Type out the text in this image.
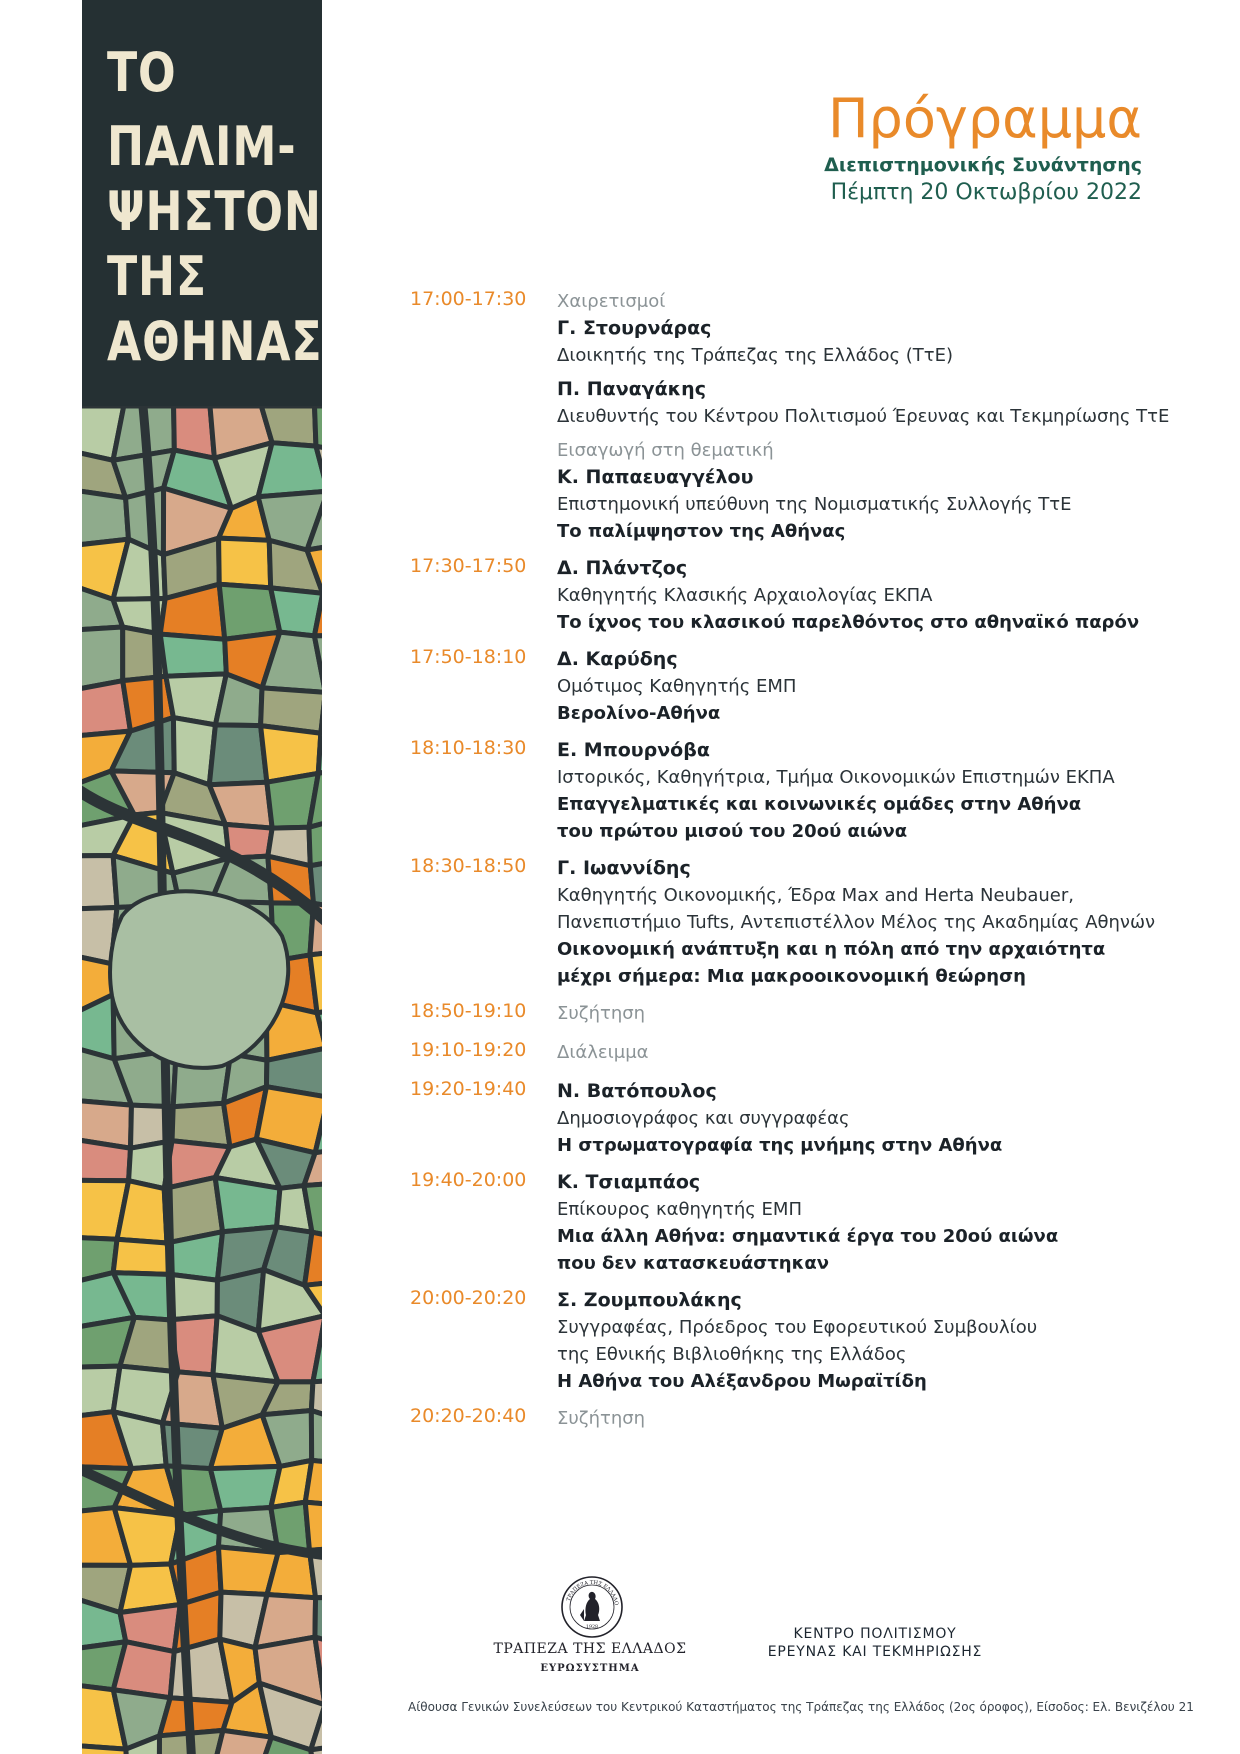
ΤΟ
ΠΑΛΙΜ-
ΨΗΣΤΟΝ
ΤΗΣ
ΑΘΗΝΑΣ
Πρόγραμμα
Διεπιστημονικής Συνάντησης
Πέμπτη 20 Οκτωβρίου 2022
17:00-17:30	Χαιρετισμοί
Γ. Στουρνάρας
Διοικητής της Τράπεζας της Ελλάδος (ΤτΕ)
Π. Παναγάκης
Διευθυντής του Κέντρου Πολιτισμού Έρευνας και Τεκμηρίωσης ΤτΕ
Εισαγωγή στη θεματική
Κ. Παπαευαγγέλου
Επιστημονική υπεύθυνη της Νομισματικής Συλλογής ΤτΕ
Το παλίμψηστον της Αθήνας
17:30-17:50	Δ. Πλάντζος
Καθηγητής Κλασικής Αρχαιολογίας ΕΚΠΑ
Το ίχνος του κλασικού παρελθόντος στο αθηναϊκό παρόν
17:50-18:10	Δ. Καρύδης
Ομότιμος Καθηγητής ΕΜΠ
Βερολίνο-Αθήνα
18:10-18:30	Ε. Μπουρνόβα
Ιστορικός, Καθηγήτρια, Τμήμα Οικονομικών Επιστημών ΕΚΠΑ
Επαγγελματικές και κοινωνικές ομάδες στην Αθήνα
του πρώτου μισού του 20ού αιώνα
18:30-18:50	Γ. Ιωαννίδης
Καθηγητής Οικονομικής, Έδρα Max and Herta Neubauer,
Πανεπιστήμιο Tufts, Αντεπιστέλλον Μέλος της Ακαδημίας Αθηνών
Οικονομική ανάπτυξη και η πόλη από την αρχαιότητα
μέχρι σήμερα: Μια μακροοικονομική θεώρηση
18:50-19:10	Συζήτηση
19:10-19:20	Διάλειμμα
19:20-19:40	Ν. Βατόπουλος
Δημοσιογράφος και συγγραφέας
Η στρωματογραφία της μνήμης στην Αθήνα
19:40-20:00	Κ. Τσιαμπάος
Επίκουρος καθηγητής ΕΜΠ
Μια άλλη Αθήνα: σημαντικά έργα του 20ού αιώνα
που δεν κατασκευάστηκαν
20:00-20:20	Σ. Ζουμπουλάκης
Συγγραφέας, Πρόεδρος του Εφορευτικού Συμβουλίου
της Εθνικής Βιβλιοθήκης της Ελλάδος
Η Αθήνα του Αλέξανδρου Μωραϊτίδη
20:20-20:40	Συζήτηση
ΤΡΑΠΕΖΑ ΤΗΣ ΕΛΛΑΔΟ
1928
ΤΡΑΠΕΖΑ ΤΗΣ ΕΛΛΑΔΟΣ
ΕΥΡΩΣΥΣΤΗΜΑ
ΚΕΝΤΡΟ ΠΟΛΙΤΙΣΜΟΥ
ΕΡΕΥΝΑΣ ΚΑΙ ΤΕΚΜΗΡΙΩΣΗΣ
Αίθουσα Γενικών Συνελεύσεων του Κεντρικού Καταστήματος της Τράπεζας της Ελλάδος (2ος όροφος), Είσοδος: Ελ. Βενιζέλου 21
